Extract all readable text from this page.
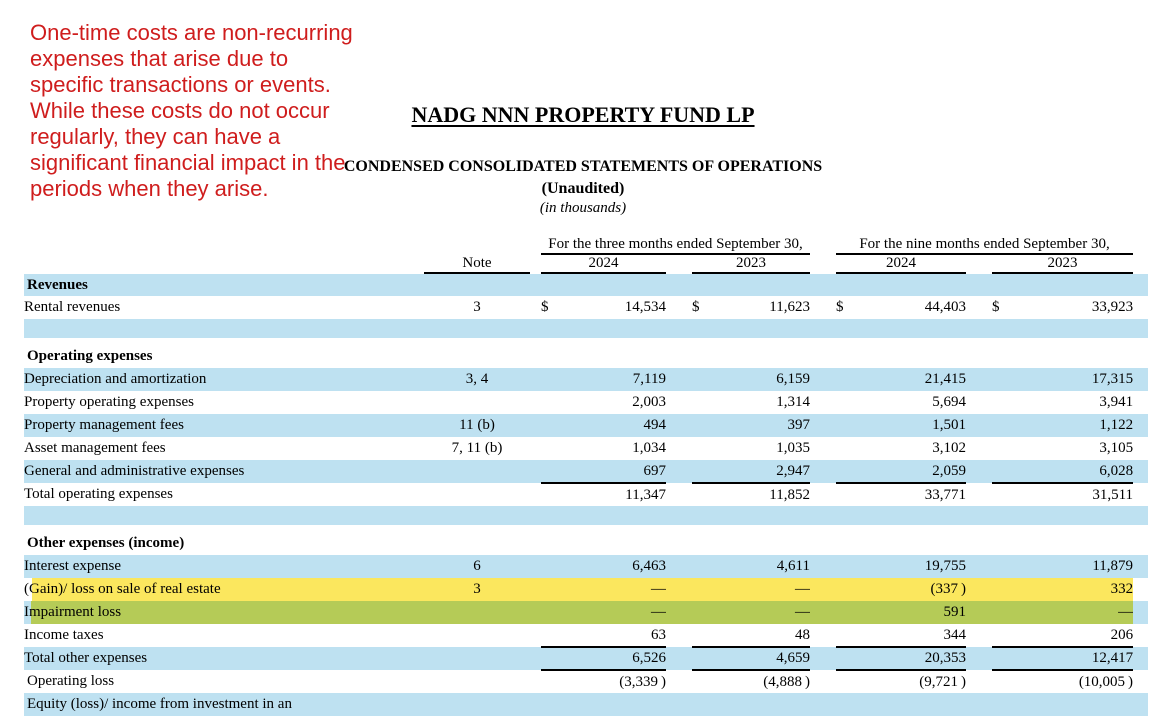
One-time costs are non-recurring expenses that arise due to specific transactions or events. While these costs do not occur regularly, they can have a significant financial impact in the periods when they arise.
NADG NNN PROPERTY FUND LP
CONDENSED CONSOLIDATED STATEMENTS OF OPERATIONS
(Unaudited)
(in thousands)
			For the three months ended September 30,						For the nine months ended September 30,					
	Note		2024			2023			2024			2023		
Revenues														
Rental revenues	3		$	14,534		$	11,623		$	44,403		$	33,923	

Operating expenses														
Depreciation and amortization	3, 4			7,119			6,159			21,415			17,315	
Property operating expenses				2,003			1,314			5,694			3,941	
Property management fees	11 (b)			494			397			1,501			1,122	
Asset management fees	7, 11 (b)			1,034			1,035			3,102			3,105	
General and administrative expenses				697			2,947			2,059			6,028	
Total operating expenses				11,347			11,852			33,771			31,511	

Other expenses (income)														
Interest expense	6			6,463			4,611			19,755			11,879	
(Gain)/ loss on sale of real estate	3			—			—			(337 )			332	
Impairment loss				—			—			591			—	
Income taxes				63			48			344			206	
Total other expenses				6,526			4,659			20,353			12,417	
Operating loss				(3,339 )			(4,888 )			(9,721 )			(10,005 )	
Equity (loss)/ income from investment in an														
